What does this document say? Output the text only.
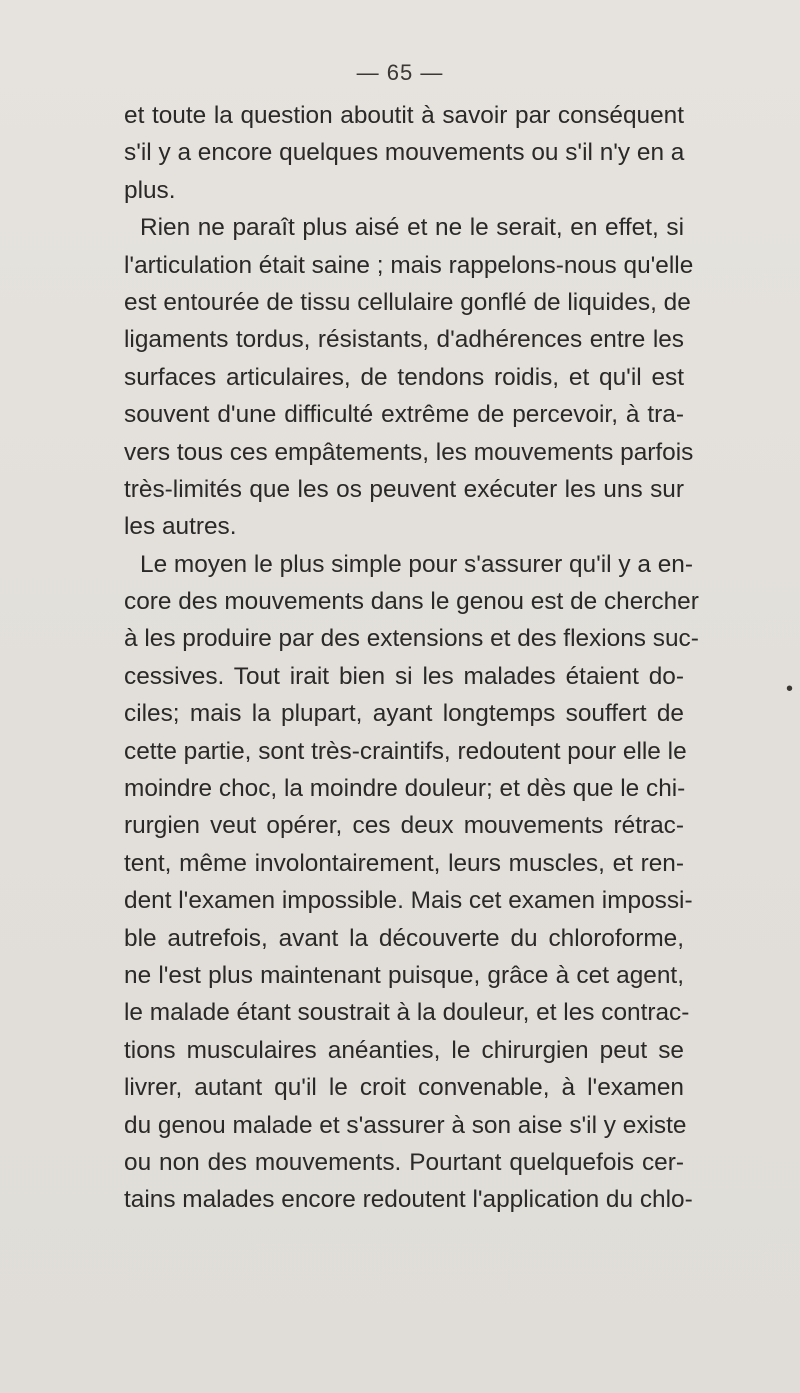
— 65 —
et toute la question aboutit à savoir par conséquent
s'il y a encore quelques mouvements ou s'il n'y en a
plus.
Rien ne paraît plus aisé et ne le serait, en effet, si
l'articulation était saine ; mais rappelons-nous qu'elle
est entourée de tissu cellulaire gonflé de liquides, de
ligaments tordus, résistants, d'adhérences entre les
surfaces articulaires, de tendons roidis, et qu'il est
souvent d'une difficulté extrême de percevoir, à tra-
vers tous ces empâtements, les mouvements parfois
très-limités que les os peuvent exécuter les uns sur
les autres.
Le moyen le plus simple pour s'assurer qu'il y a en-
core des mouvements dans le genou est de chercher
à les produire par des extensions et des flexions suc-
cessives. Tout irait bien si les malades étaient do-
ciles; mais la plupart, ayant longtemps souffert de
cette partie, sont très-craintifs, redoutent pour elle le
moindre choc, la moindre douleur; et dès que le chi-
rurgien veut opérer, ces deux mouvements rétrac-
tent, même involontairement, leurs muscles, et ren-
dent l'examen impossible. Mais cet examen impossi-
ble autrefois, avant la découverte du chloroforme,
ne l'est plus maintenant puisque, grâce à cet agent,
le malade étant soustrait à la douleur, et les contrac-
tions musculaires anéanties, le chirurgien peut se
livrer, autant qu'il le croit convenable, à l'examen
du genou malade et s'assurer à son aise s'il y existe
ou non des mouvements. Pourtant quelquefois cer-
tains malades encore redoutent l'application du chlo-
•
